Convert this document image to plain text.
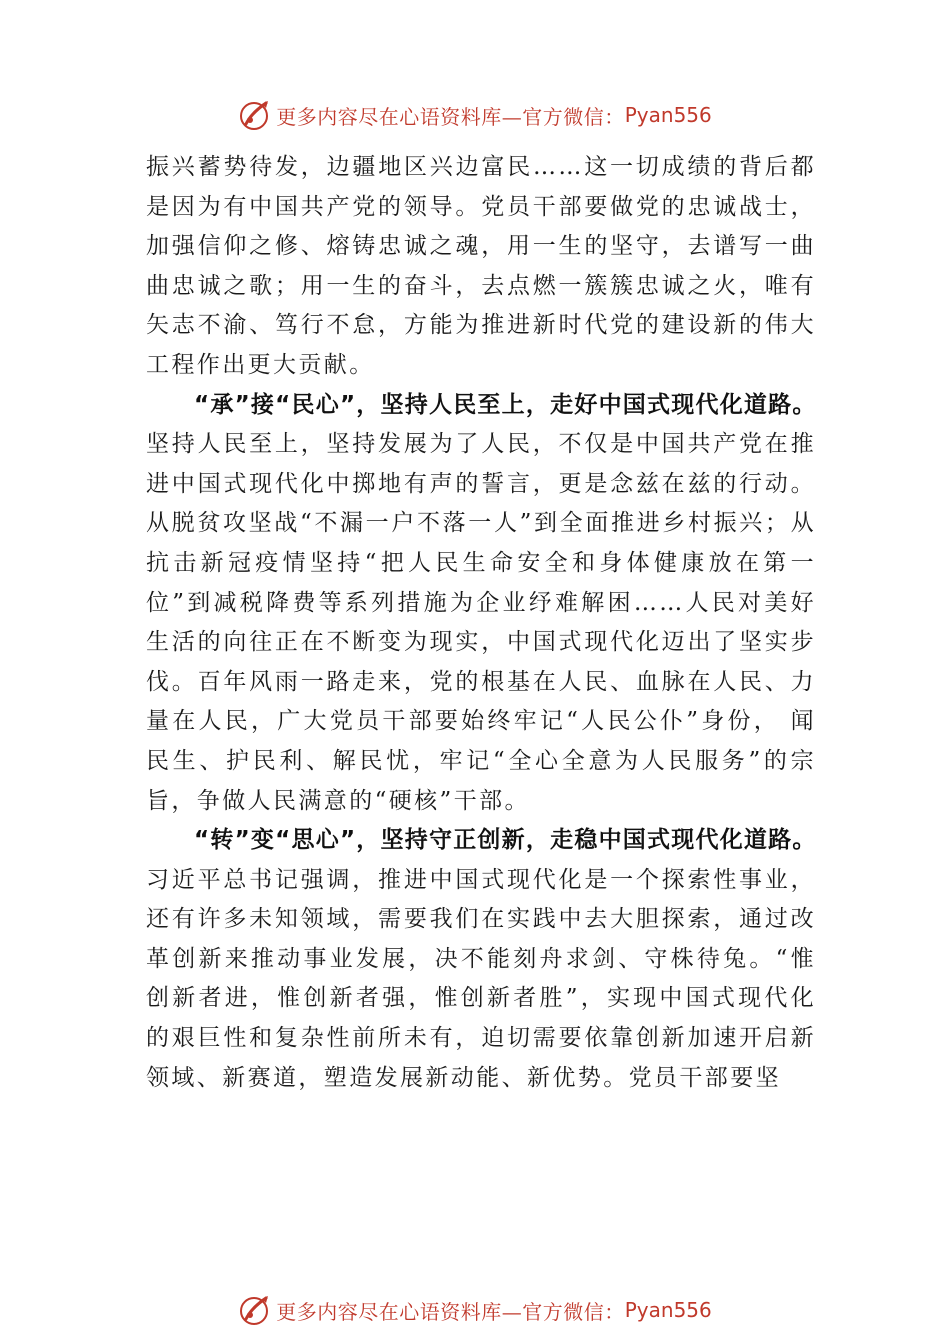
更多内容尽在心语资料库—官方微信： Pyan556

振兴蓄势待发，边疆地区兴边富民……这一切成绩的背后都是因为有中国共产党的领导。党员干部要做党的忠诚战士， 加强信仰之修、熔铸忠诚之魂，用一生的坚守，去谱写一曲曲忠诚之歌；用一生的奋斗，去点燃一簇簇忠诚之火，唯有矢志不渝、笃行不怠，方能为推进新时代党的建设新的伟大工程作出更大贡献。

“承”接“民心”，坚持人民至上，走好中国式现代化道路。坚持人民至上，坚持发展为了人民，不仅是中国共产党在推进中国式现代化中掷地有声的誓言，更是念兹在兹的行动。从脱贫攻坚战“不漏一户不落一人”到全面推进乡村振兴；从抗击新冠疫情坚持“把人民生命安全和身体健康放在第一位”到减税降费等系列措施为企业纾难解困……人民对美好生活的向往正在不断变为现实，中国式现代化迈出了坚实步伐。百年风雨一路走来，党的根基在人民、血脉在人民、力量在人民，广大党员干部要始终牢记“人民公仆”身份， 闻民生、护民利、解民忧，牢记“全心全意为人民服务”的宗旨，争做人民满意的“硬核”干部。

“转”变“思心”，坚持守正创新，走稳中国式现代化道路。习近平总书记强调，推进中国式现代化是一个探索性事业，还有许多未知领域，需要我们在实践中去大胆探索，通过改革创新来推动事业发展，决不能刻舟求剑、守株待兔。“惟创新者进，惟创新者强，惟创新者胜”，实现中国式现代化的艰巨性和复杂性前所未有，迫切需要依靠创新加速开启新领域、新赛道，塑造发展新动能、新优势。党员干部要坚

更多内容尽在心语资料库—官方微信： Pyan556
